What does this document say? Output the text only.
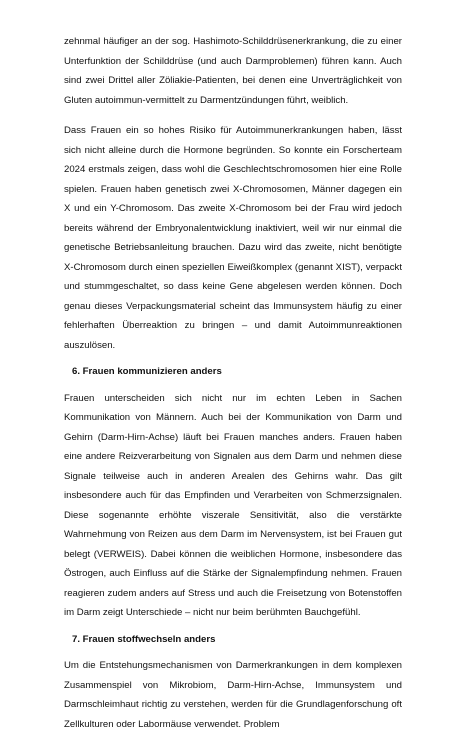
zehnmal häufiger an der sog. Hashimoto-Schilddrüsenerkrankung, die zu einer Unterfunktion der Schilddrüse (und auch Darmproblemen) führen kann. Auch sind zwei Drittel aller Zöliakie-Patienten, bei denen eine Unverträglichkeit von Gluten autoimmun-vermittelt zu Darmentzündungen führt, weiblich.

Dass Frauen ein so hohes Risiko für Autoimmunerkrankungen haben, lässt sich nicht alleine durch die Hormone begründen. So konnte ein Forscherteam 2024 erstmals zeigen, dass wohl die Geschlechtschromosomen hier eine Rolle spielen. Frauen haben genetisch zwei X-Chromosomen, Männer dagegen ein X und ein Y-Chromosom. Das zweite X-Chromosom bei der Frau wird jedoch bereits während der Embryonalentwicklung inaktiviert, weil wir nur einmal die genetische Betriebsanleitung brauchen. Dazu wird das zweite, nicht benötigte X-Chromosom durch einen speziellen Eiweißkomplex (genannt XIST), verpackt und stummgeschaltet, so dass keine Gene abgelesen werden können. Doch genau dieses Verpackungsmaterial scheint das Immunsystem häufig zu einer fehlerhaften Überreaktion zu bringen – und damit Autoimmunreaktionen auszulösen.

6. Frauen kommunizieren anders

Frauen unterscheiden sich nicht nur im echten Leben in Sachen Kommunikation von Männern. Auch bei der Kommunikation von Darm und Gehirn (Darm-Hirn-Achse) läuft bei Frauen manches anders. Frauen haben eine andere Reizverarbeitung von Signalen aus dem Darm und nehmen diese Signale teilweise auch in anderen Arealen des Gehirns wahr. Das gilt insbesondere auch für das Empfinden und Verarbeiten von Schmerzsignalen. Diese sogenannte erhöhte viszerale Sensitivität, also die verstärkte Wahrnehmung von Reizen aus dem Darm im Nervensystem, ist bei Frauen gut belegt (VERWEIS). Dabei können die weiblichen Hormone, insbesondere das Östrogen, auch Einfluss auf die Stärke der Signalempfindung nehmen. Frauen reagieren zudem anders auf Stress und auch die Freisetzung von Botenstoffen im Darm zeigt Unterschiede – nicht nur beim berühmten Bauchgefühl.

7. Frauen stoffwechseln anders

Um die Entstehungsmechanismen von Darmerkrankungen in dem komplexen Zusammenspiel von Mikrobiom, Darm-Hirn-Achse, Immunsystem und Darmschleimhaut richtig zu verstehen, werden für die Grundlagenforschung oft Zellkulturen oder Labormäuse verwendet. Problem
